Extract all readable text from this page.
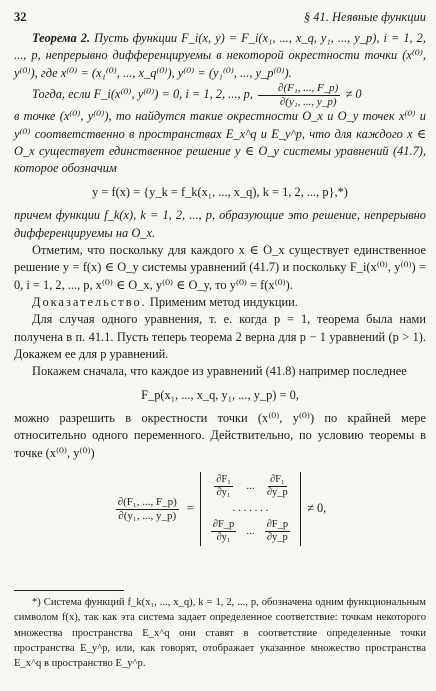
32	§ 41. Неявные функции

Теорема 2. Пусть функции F_i(x, y) = F_i(x₁, ..., x_q, y₁, ..., y_p), i = 1, 2, ..., p, непрерывно дифференцируемы в некоторой окрестности точки (x⁽⁰⁾, y⁽⁰⁾), где x⁽⁰⁾ = (x₁⁽⁰⁾, ..., x_q⁽⁰⁾), y⁽⁰⁾ = (y₁⁽⁰⁾, ..., y_p⁽⁰⁾).

Тогда, если F_i(x⁽⁰⁾, y⁽⁰⁾) = 0, i = 1, 2, ..., p, $\frac{\text{∂(F₁, ..., F\_p)}}{\text{∂(y₁, ..., y\_p)}} \ne 0$

в точке (x⁽⁰⁾, y⁽⁰⁾), то найдутся такие окрестности O_x и O_y точек x⁽⁰⁾ и y⁽⁰⁾ соответственно в пространствах E_x^q и E_y^p, что для каждого x ∈ O_x существует единственное решение y ∈ O_y системы уравнений (41.7), которое обозначим

y = f(x) = {y_k = f_k(x₁, ..., x_q), k = 1, 2, ..., p},*)

причем функции f_k(x), k = 1, 2, ..., p, образующие это решение, непрерывно дифференцируемы на O_x.

Отметим, что поскольку для каждого x ∈ O_x существует единственное решение y = f(x) ∈ O_y системы уравнений (41.7) и поскольку F_i(x⁽⁰⁾, y⁽⁰⁾) = 0, i = 1, 2, ..., p, x⁽⁰⁾ ∈ O_x, y⁽⁰⁾ ∈ O_y, то y⁽⁰⁾ = f(x⁽⁰⁾).

Доказательство. Применим метод индукции.

Для случая одного уравнения, т. е. когда p = 1, теорема была нами получена в п. 41.1. Пусть теперь теорема 2 верна для p − 1 уравнений (p > 1). Докажем ее для p уравнений.

Покажем сначала, что каждое из уравнений (41.8) например последнее

F_p(x₁, ..., x_q, y₁, ..., y_p) = 0,

можно разрешить в окрестности точки (x⁽⁰⁾, y⁽⁰⁾) по крайней мере относительно одного переменного. Действительно, по условию теоремы в точке (x⁽⁰⁾, y⁽⁰⁾)

$\frac{\text{∂(F₁, ..., F\_p)}}{\text{∂(y₁, ..., y\_p)}}$ =
$\frac{\text{∂F₁}}{\text{∂y₁}}$ ... $\frac{\text{∂F₁}}{\partial y\_p}$
. . . . . . .
$\frac{\partial F\_p}{\text{∂y₁}}$ ... $\frac{\partial F\_p}{\partial y\_p}$
≠ 0,

*) Система функций f_k(x₁, ..., x_q), k = 1, 2, ..., p, обозначена одним функциональным символом f(x), так как эта система задает определенное соответствие: точкам некоторого множества пространства E_x^q они ставят в соответствие определенные точки пространства E_y^p, или, как говорят, отображает указанное множество пространства E_x^q в пространство E_y^p.
